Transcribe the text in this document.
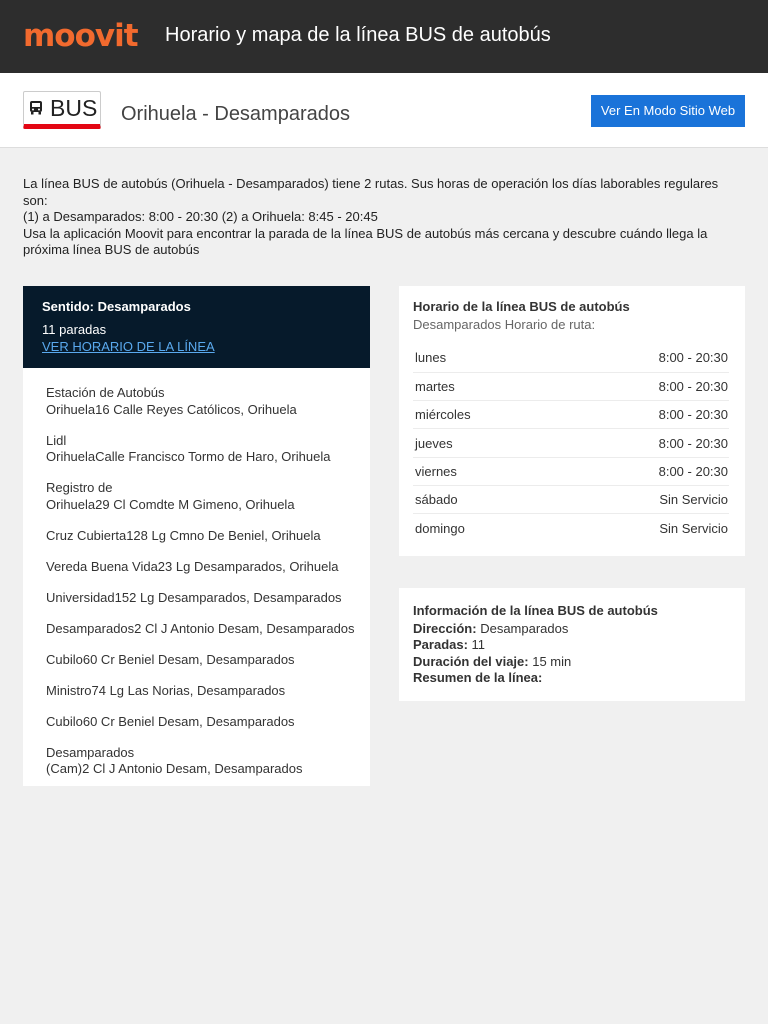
moovit Horario y mapa de la línea BUS de autobús
BUS Orihuela - Desamparados	Ver En Modo Sitio Web
La línea BUS de autobús (Orihuela - Desamparados) tiene 2 rutas. Sus horas de operación los días laborables regulares son:
(1) a Desamparados: 8:00 - 20:30 (2) a Orihuela: 8:45 - 20:45
Usa la aplicación Moovit para encontrar la parada de la línea BUS de autobús más cercana y descubre cuándo llega la próxima línea BUS de autobús
Sentido: Desamparados
11 paradas
VER HORARIO DE LA LÍNEA
Estación de Autobús
Orihuela16 Calle Reyes Católicos, Orihuela
Lidl
OrihuelaCalle Francisco Tormo de Haro, Orihuela
Registro de
Orihuela29 Cl Comdte M Gimeno, Orihuela
Cruz Cubierta128 Lg Cmno De Beniel, Orihuela
Vereda Buena Vida23 Lg Desamparados, Orihuela
Universidad152 Lg Desamparados, Desamparados
Desamparados2 Cl J Antonio Desam, Desamparados
Cubilo60 Cr Beniel Desam, Desamparados
Ministro74 Lg Las Norias, Desamparados
Cubilo60 Cr Beniel Desam, Desamparados
Desamparados
(Cam)2 Cl J Antonio Desam, Desamparados
Horario de la línea BUS de autobús
Desamparados Horario de ruta:
lunes	8:00 - 20:30
martes	8:00 - 20:30
miércoles	8:00 - 20:30
jueves	8:00 - 20:30
viernes	8:00 - 20:30
sábado	Sin Servicio
domingo	Sin Servicio
Información de la línea BUS de autobús
Dirección: Desamparados
Paradas: 11
Duración del viaje: 15 min
Resumen de la línea:
